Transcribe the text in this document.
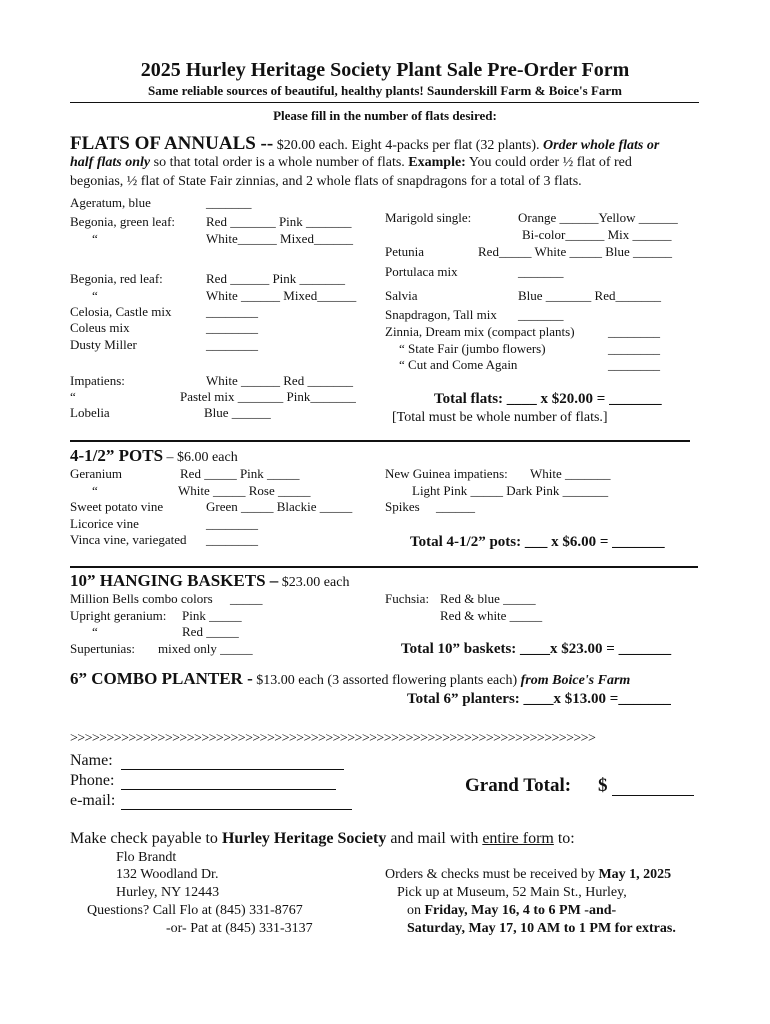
2025 Hurley Heritage Society Plant Sale Pre-Order Form
Same reliable sources of beautiful, healthy plants! Saunderskill Farm & Boice's Farm
Please fill in the number of flats desired:
FLATS OF ANNUALS -- $20.00 each. Eight 4-packs per flat (32 plants). Order whole flats or
half flats only so that total order is a whole number of flats. Example: You could order ½ flat of red
begonias, ½ flat of State Fair zinnias, and 2 whole flats of snapdragons for a total of 3 flats.
Ageratum, blue	_______
Begonia, green leaf: Red _______ Pink _______
“	White______ Mixed______
Begonia, red leaf:	Red ______ Pink _______
“	White ______ Mixed______
Celosia, Castle mix	________
Coleus mix	________
Dusty Miller	________
Impatiens:	White ______ Red _______
“	Pastel mix _______ Pink_______
Lobelia	Blue ______
Marigold single:	Orange ______Yellow ______
Bi-color______ Mix ______
Petunia	Red_____ White _____ Blue ______
Portulaca mix	_______
Salvia	Blue _______ Red_______
Snapdragon, Tall mix _______
Zinnia, Dream mix (compact plants)	________
“ State Fair (jumbo flowers)	________
“ Cut and Come Again	________
Total flats: ____ x $20.00 = _______
[Total must be whole number of flats.]
4-1/2” POTS – $6.00 each
Geranium	Red _____ Pink _____
“	White _____ Rose _____
Sweet potato vine	Green _____ Blackie _____
Licorice vine	________
Vinca vine, variegated ________
New Guinea impatiens: White _______
Light Pink _____ Dark Pink _______
Spikes ______
Total 4-1/2” pots: ___ x $6.00 = _______
10” HANGING BASKETS – $23.00 each
Million Bells combo colors _____
Upright geranium: Pink _____
“	Red _____
Supertunias: mixed only _____
Fuchsia: Red & blue _____
Red & white _____
Total 10” baskets: ____x $23.00 = _______
6” COMBO PLANTER - $13.00 each (3 assorted flowering plants each) from Boice's Farm
Total 6” planters: ____x $13.00 =_______
>>>>>>>>>>>>>>>>>>>>>>>>>>>>>>>>>>>>>>>>>>>>>>>>>>>>>>>>>>>>>>>>>>>>>>>>
Name:
Phone:
e-mail:
Grand Total: $
Make check payable to Hurley Heritage Society and mail with entire form to:
Flo Brandt
132 Woodland Dr.
Hurley, NY 12443
Questions? Call Flo at (845) 331-8767
-or- Pat at (845) 331-3137
Orders & checks must be received by May 1, 2025
Pick up at Museum, 52 Main St., Hurley,
on Friday, May 16, 4 to 6 PM -and-
Saturday, May 17, 10 AM to 1 PM for extras.
